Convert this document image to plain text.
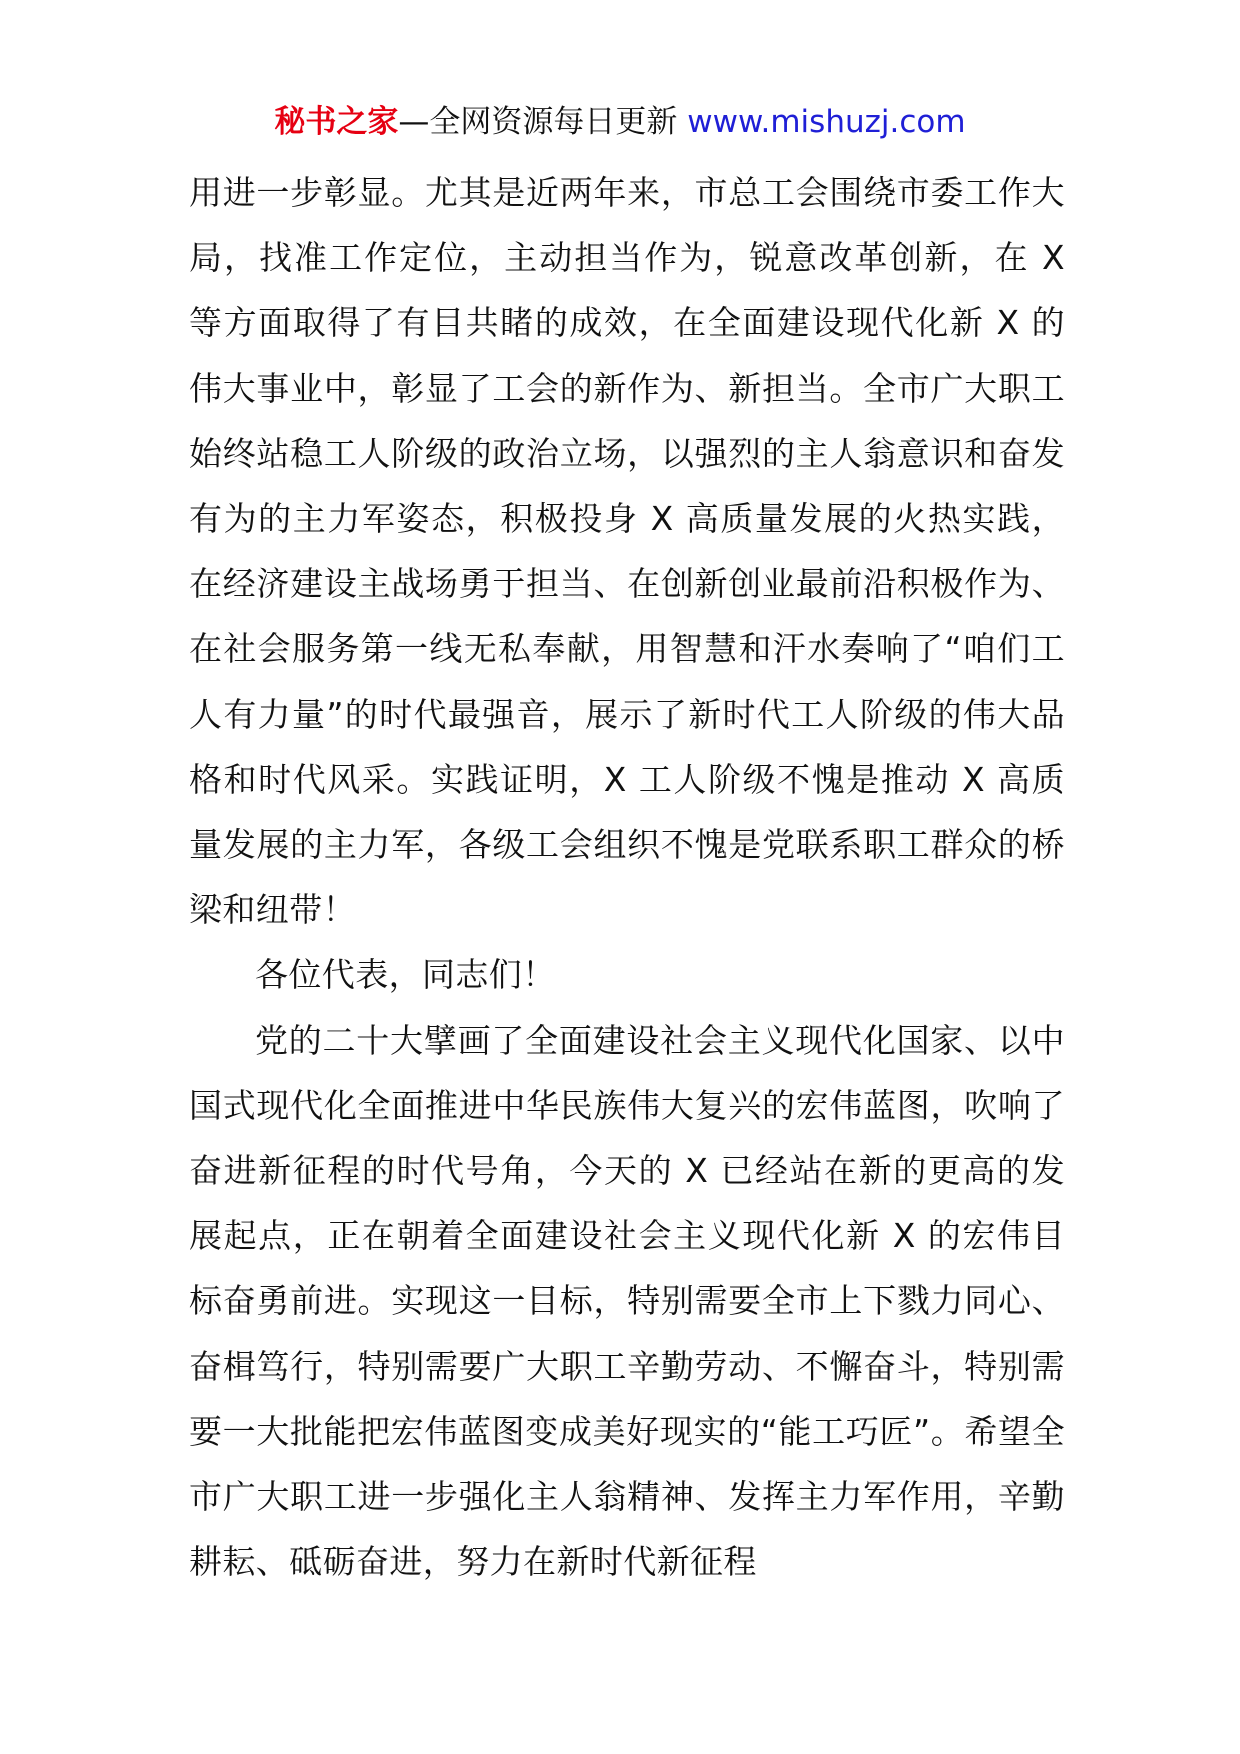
秘书之家—全网资源每日更新 www.mishuzj.com

用进一步彰显。尤其是近两年来，市总工会围绕市委工作大局，找准工作定位，主动担当作为，锐意改革创新，在 X 等方面取得了有目共睹的成效，在全面建设现代化新 X 的伟大事业中，彰显了工会的新作为、新担当。全市广大职工始终站稳工人阶级的政治立场，以强烈的主人翁意识和奋发有为的主力军姿态，积极投身 X 高质量发展的火热实践，在经济建设主战场勇于担当、在创新创业最前沿积极作为、在社会服务第一线无私奉献，用智慧和汗水奏响了“咱们工人有力量”的时代最强音，展示了新时代工人阶级的伟大品格和时代风采。实践证明，X 工人阶级不愧是推动 X 高质量发展的主力军，各级工会组织不愧是党联系职工群众的桥梁和纽带！

各位代表，同志们！

党的二十大擘画了全面建设社会主义现代化国家、以中国式现代化全面推进中华民族伟大复兴的宏伟蓝图，吹响了奋进新征程的时代号角，今天的 X 已经站在新的更高的发展起点，正在朝着全面建设社会主义现代化新 X 的宏伟目标奋勇前进。实现这一目标，特别需要全市上下戮力同心、奋楫笃行，特别需要广大职工辛勤劳动、不懈奋斗，特别需要一大批能把宏伟蓝图变成美好现实的“能工巧匠”。希望全市广大职工进一步强化主人翁精神、发挥主力军作用，辛勤耕耘、砥砺奋进，努力在新时代新征程
